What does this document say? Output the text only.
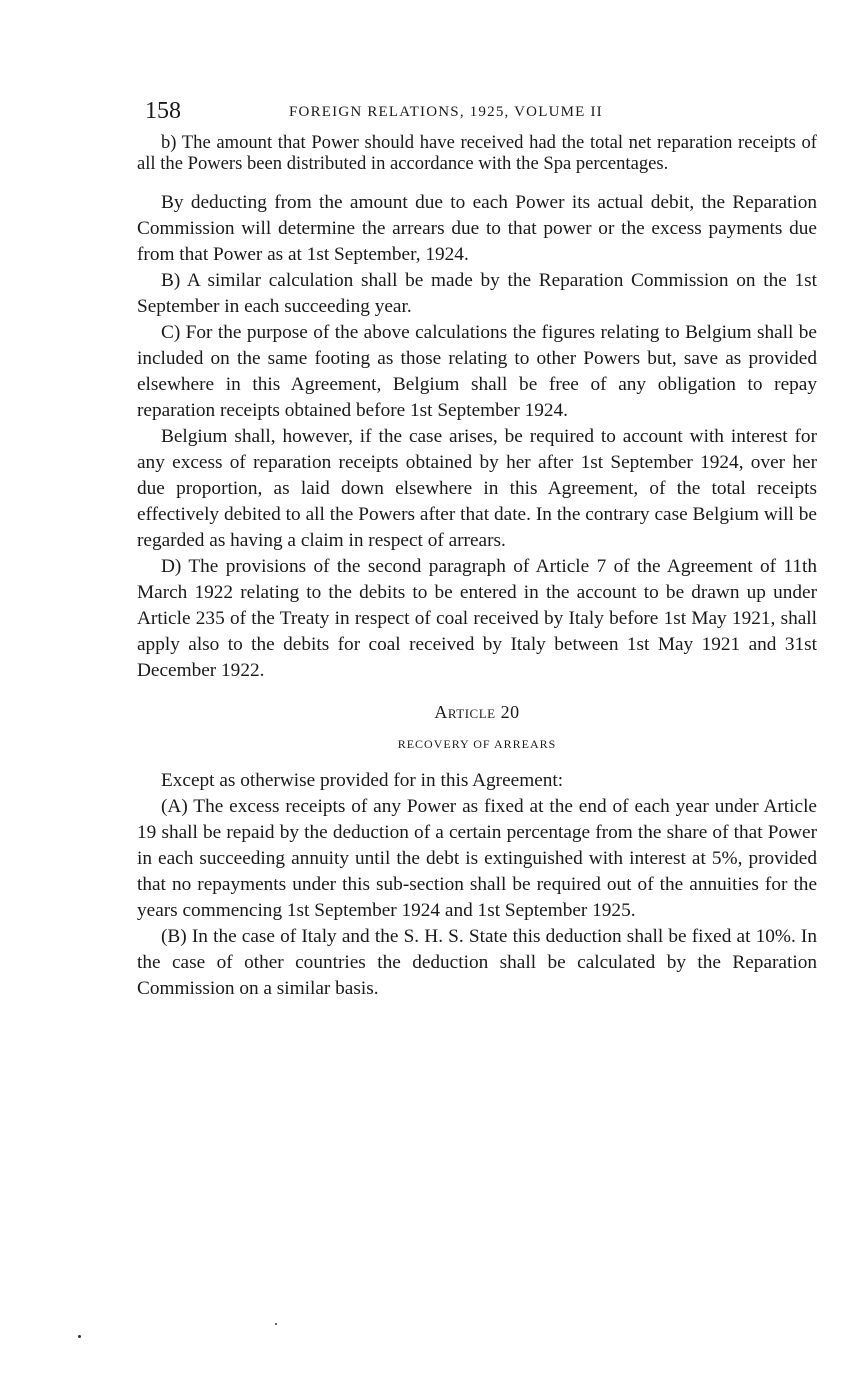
158	FOREIGN RELATIONS, 1925, VOLUME II

b) The amount that Power should have received had the total net reparation receipts of all the Powers been distributed in accordance with the Spa percentages.

By deducting from the amount due to each Power its actual debit, the Reparation Commission will determine the arrears due to that power or the excess payments due from that Power as at 1st September, 1924.

B) A similar calculation shall be made by the Reparation Commission on the 1st September in each succeeding year.

C) For the purpose of the above calculations the figures relating to Belgium shall be included on the same footing as those relating to other Powers but, save as provided elsewhere in this Agreement, Belgium shall be free of any obligation to repay reparation receipts obtained before 1st September 1924.

Belgium shall, however, if the case arises, be required to account with interest for any excess of reparation receipts obtained by her after 1st September 1924, over her due proportion, as laid down elsewhere in this Agreement, of the total receipts effectively debited to all the Powers after that date. In the contrary case Belgium will be regarded as having a claim in respect of arrears.

D) The provisions of the second paragraph of Article 7 of the Agreement of 11th March 1922 relating to the debits to be entered in the account to be drawn up under Article 235 of the Treaty in respect of coal received by Italy before 1st May 1921, shall apply also to the debits for coal received by Italy between 1st May 1921 and 31st December 1922.

Article 20
RECOVERY OF ARREARS

Except as otherwise provided for in this Agreement:

(A) The excess receipts of any Power as fixed at the end of each year under Article 19 shall be repaid by the deduction of a certain percentage from the share of that Power in each succeeding annuity until the debt is extinguished with interest at 5%, provided that no repayments under this sub-section shall be required out of the annuities for the years commencing 1st September 1924 and 1st September 1925.

(B) In the case of Italy and the S. H. S. State this deduction shall be fixed at 10%. In the case of other countries the deduction shall be calculated by the Reparation Commission on a similar basis.
